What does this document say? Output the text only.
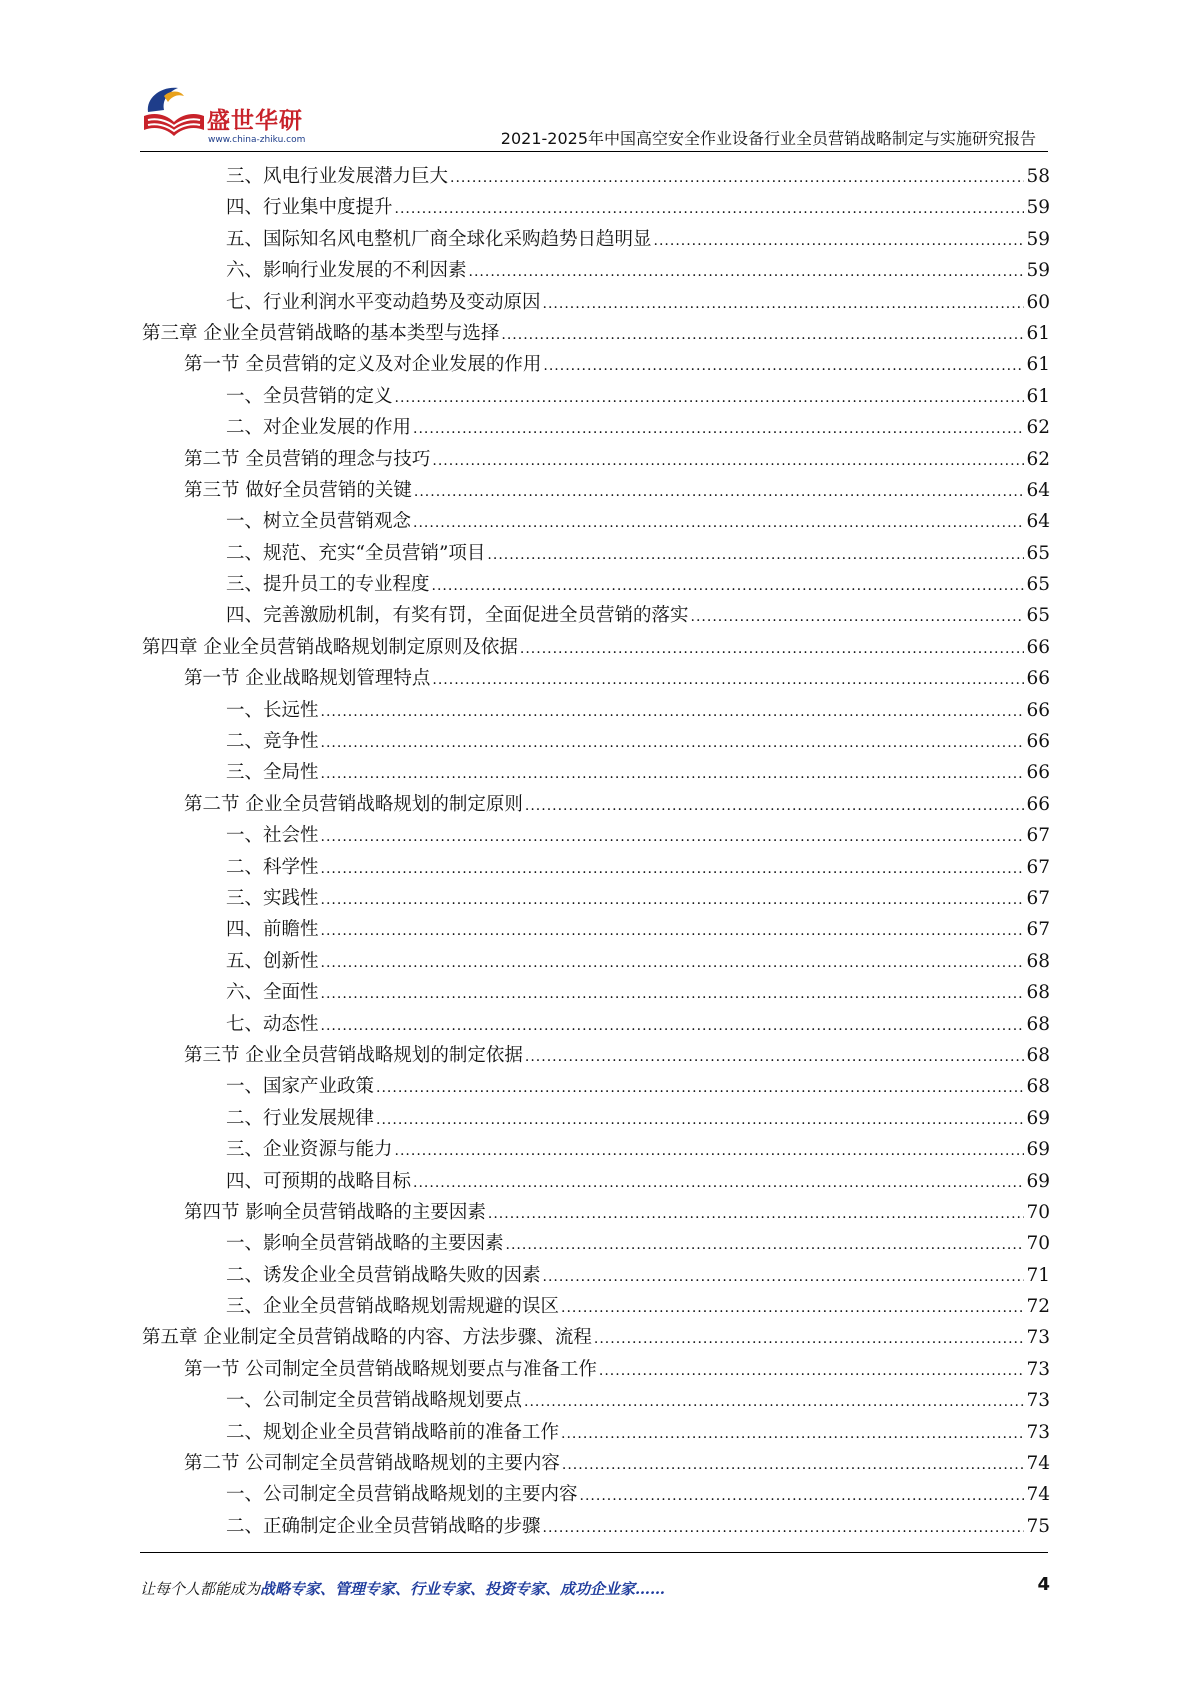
盛世华研
www.china-zhiku.com	2021-2025年中国高空安全作业设备行业全员营销战略制定与实施研究报告
三、风电行业发展潜力巨大 .....	58
四、行业集中度提升 .....	59
五、国际知名风电整机厂商全球化采购趋势日趋明显 .....	59
六、影响行业发展的不利因素 .....	59
七、行业利润水平变动趋势及变动原因 .....	60
第三章 企业全员营销战略的基本类型与选择 .....	61
第一节 全员营销的定义及对企业发展的作用 .....	61
一、全员营销的定义 .....	61
二、对企业发展的作用 .....	62
第二节 全员营销的理念与技巧 .....	62
第三节 做好全员营销的关键 .....	64
一、树立全员营销观念 .....	64
二、规范、充实“全员营销”项目 .....	65
三、提升员工的专业程度 .....	65
四、完善激励机制，有奖有罚，全面促进全员营销的落实 .....	65
第四章 企业全员营销战略规划制定原则及依据 .....	66
第一节 企业战略规划管理特点 .....	66
一、长远性 .....	66
二、竞争性 .....	66
三、全局性 .....	66
第二节 企业全员营销战略规划的制定原则 .....	66
一、社会性 .....	67
二、科学性 .....	67
三、实践性 .....	67
四、前瞻性 .....	67
五、创新性 .....	68
六、全面性 .....	68
七、动态性 .....	68
第三节 企业全员营销战略规划的制定依据 .....	68
一、国家产业政策 .....	68
二、行业发展规律 .....	69
三、企业资源与能力 .....	69
四、可预期的战略目标 .....	69
第四节 影响全员营销战略的主要因素 .....	70
一、影响全员营销战略的主要因素 .....	70
二、诱发企业全员营销战略失败的因素 .....	71
三、企业全员营销战略规划需规避的误区 .....	72
第五章 企业制定全员营销战略的内容、方法步骤、流程 .....	73
第一节 公司制定全员营销战略规划要点与准备工作 .....	73
一、公司制定全员营销战略规划要点 .....	73
二、规划企业全员营销战略前的准备工作 .....	73
第二节 公司制定全员营销战略规划的主要内容 .....	74
一、公司制定全员营销战略规划的主要内容 .....	74
二、正确制定企业全员营销战略的步骤 .....	75
让每个人都能成为战略专家、管理专家、行业专家、投资专家、成功企业家……	4
